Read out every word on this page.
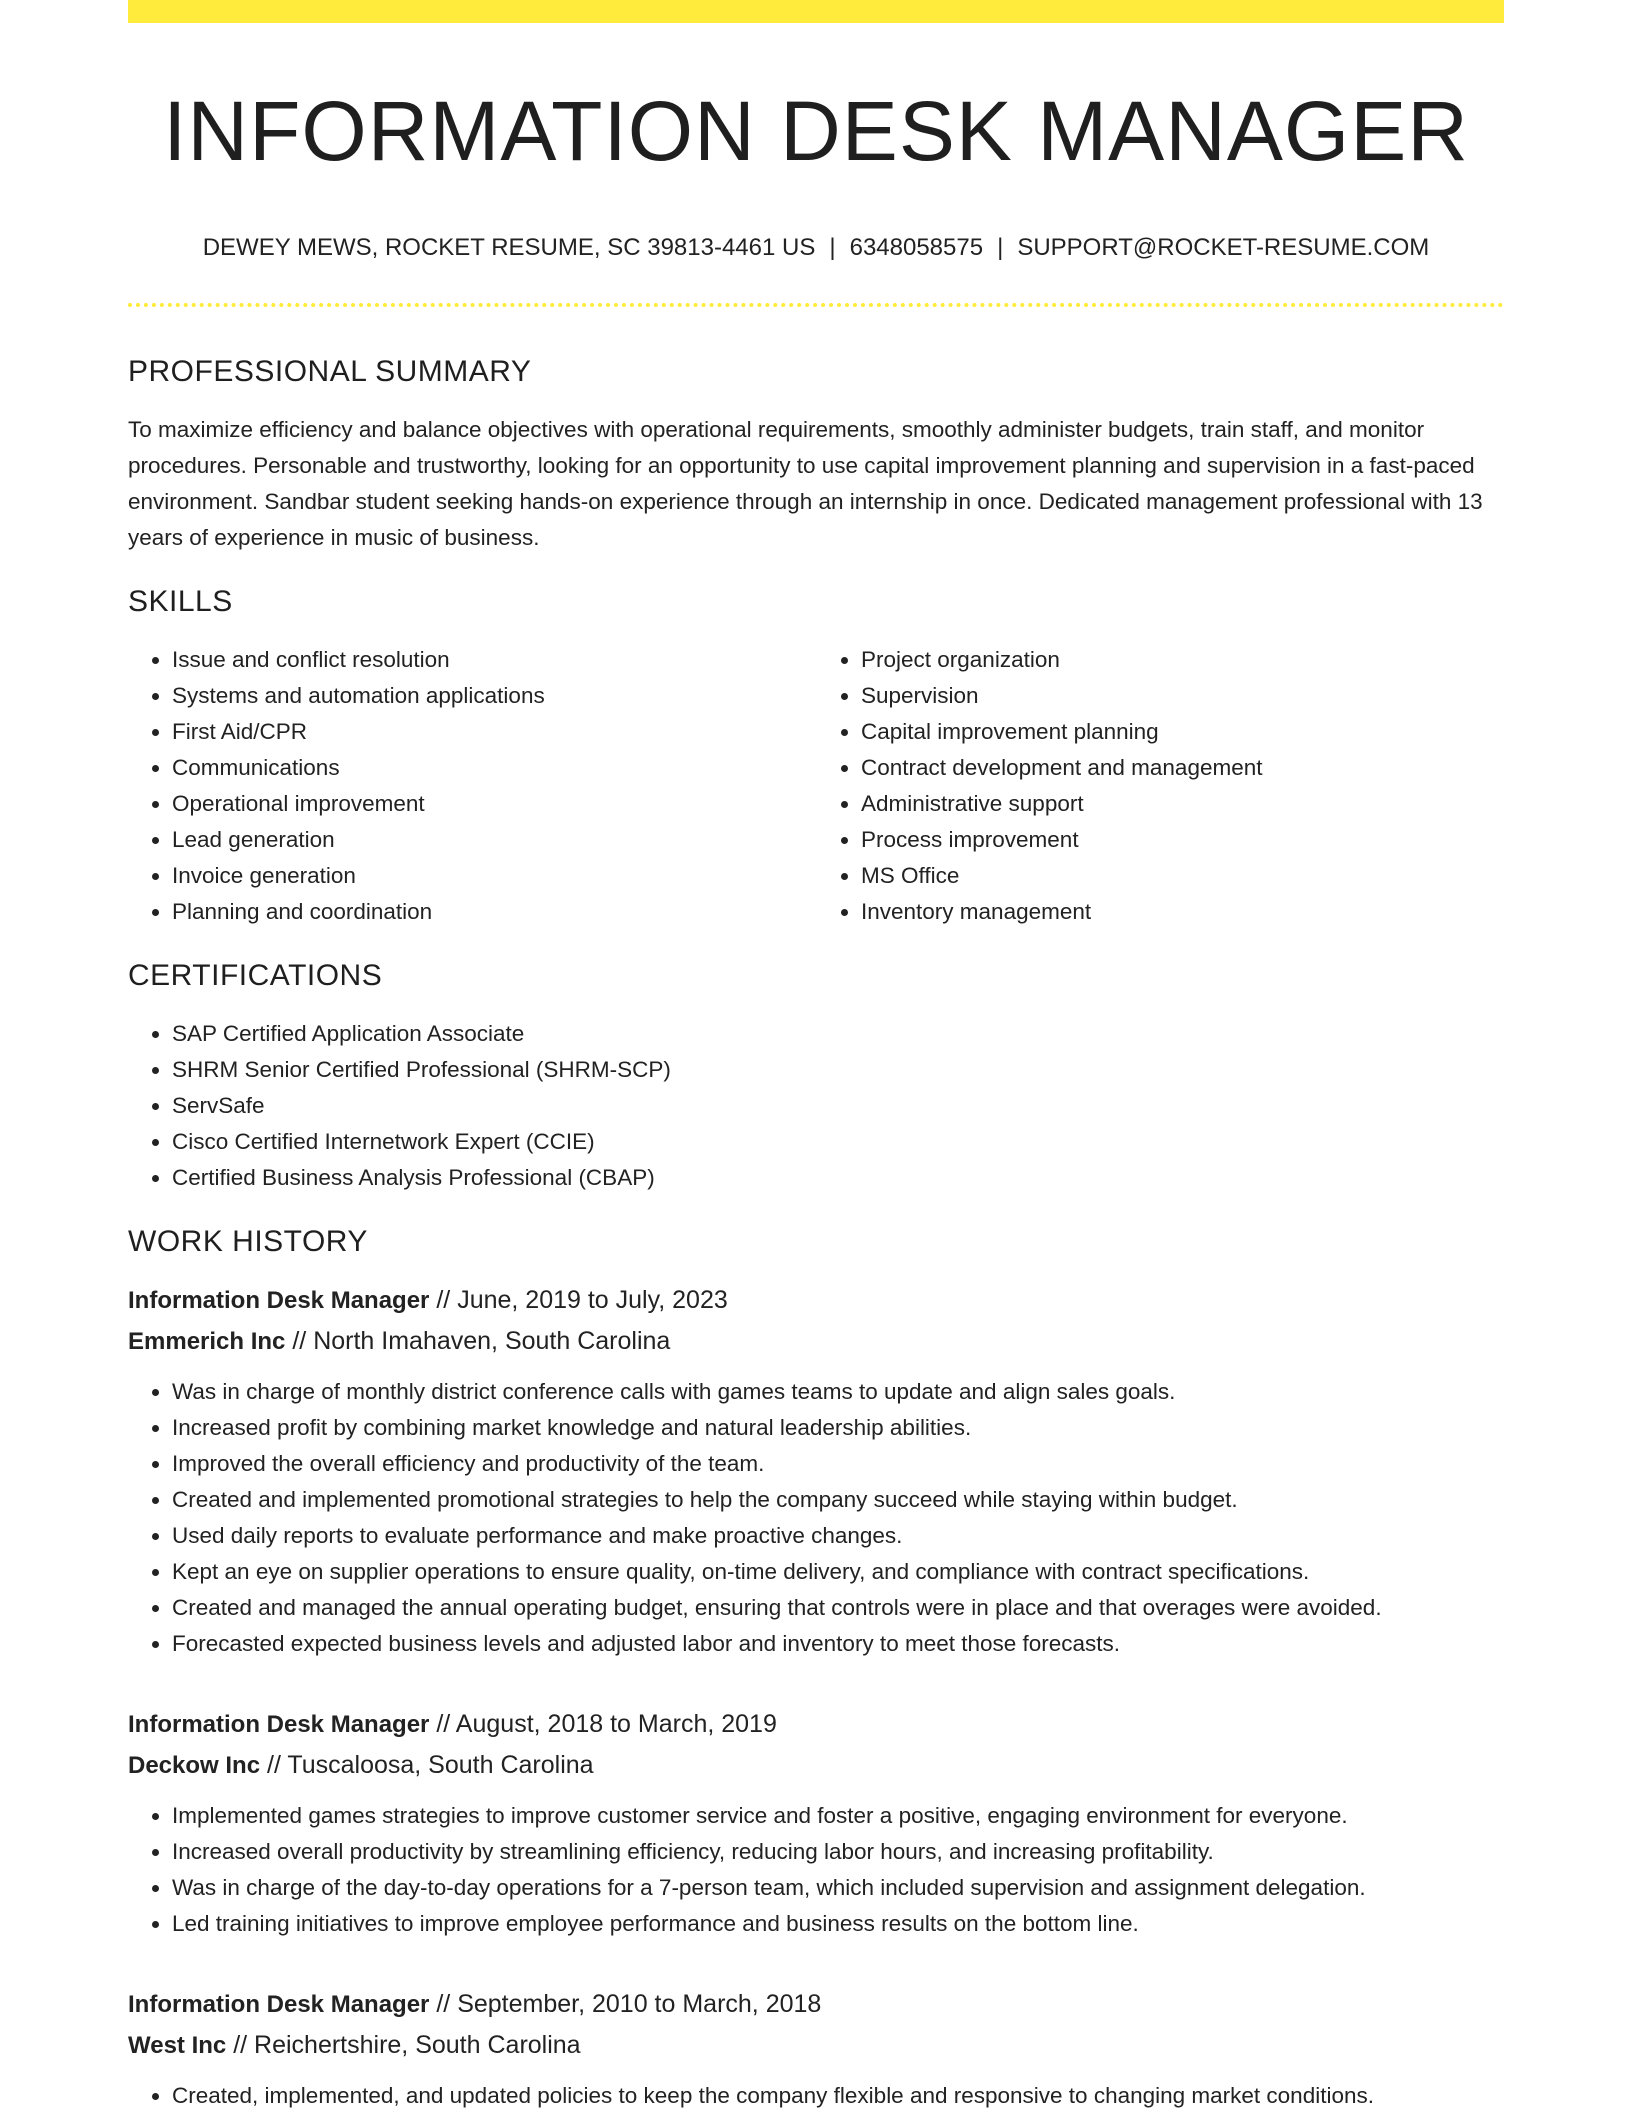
INFORMATION DESK MANAGER
DEWEY MEWS, ROCKET RESUME, SC 39813-4461 US | 6348058575 | SUPPORT@ROCKET-RESUME.COM
PROFESSIONAL SUMMARY

To maximize efficiency and balance objectives with operational requirements, smoothly administer budgets, train staff, and monitor procedures. Personable and trustworthy, looking for an opportunity to use capital improvement planning and supervision in a fast-paced environment. Sandbar student seeking hands-on experience through an internship in once. Dedicated management professional with 13 years of experience in music of business.

SKILLS
• Issue and conflict resolution
• Systems and automation applications
• First Aid/CPR
• Communications
• Operational improvement
• Lead generation
• Invoice generation
• Planning and coordination
• Project organization
• Supervision
• Capital improvement planning
• Contract development and management
• Administrative support
• Process improvement
• MS Office
• Inventory management
CERTIFICATIONS
• SAP Certified Application Associate
• SHRM Senior Certified Professional (SHRM-SCP)
• ServSafe
• Cisco Certified Internetwork Expert (CCIE)
• Certified Business Analysis Professional (CBAP)
WORK HISTORY
Information Desk Manager // June, 2019 to July, 2023
Emmerich Inc // North Imahaven, South Carolina
• Was in charge of monthly district conference calls with games teams to update and align sales goals.
• Increased profit by combining market knowledge and natural leadership abilities.
• Improved the overall efficiency and productivity of the team.
• Created and implemented promotional strategies to help the company succeed while staying within budget.
• Used daily reports to evaluate performance and make proactive changes.
• Kept an eye on supplier operations to ensure quality, on-time delivery, and compliance with contract specifications.
• Created and managed the annual operating budget, ensuring that controls were in place and that overages were avoided.
• Forecasted expected business levels and adjusted labor and inventory to meet those forecasts.
Information Desk Manager // August, 2018 to March, 2019
Deckow Inc // Tuscaloosa, South Carolina
• Implemented games strategies to improve customer service and foster a positive, engaging environment for everyone.
• Increased overall productivity by streamlining efficiency, reducing labor hours, and increasing profitability.
• Was in charge of the day-to-day operations for a 7-person team, which included supervision and assignment delegation.
• Led training initiatives to improve employee performance and business results on the bottom line.
Information Desk Manager // September, 2010 to March, 2018
West Inc // Reichertshire, South Carolina
• Created, implemented, and updated policies to keep the company flexible and responsive to changing market conditions.
